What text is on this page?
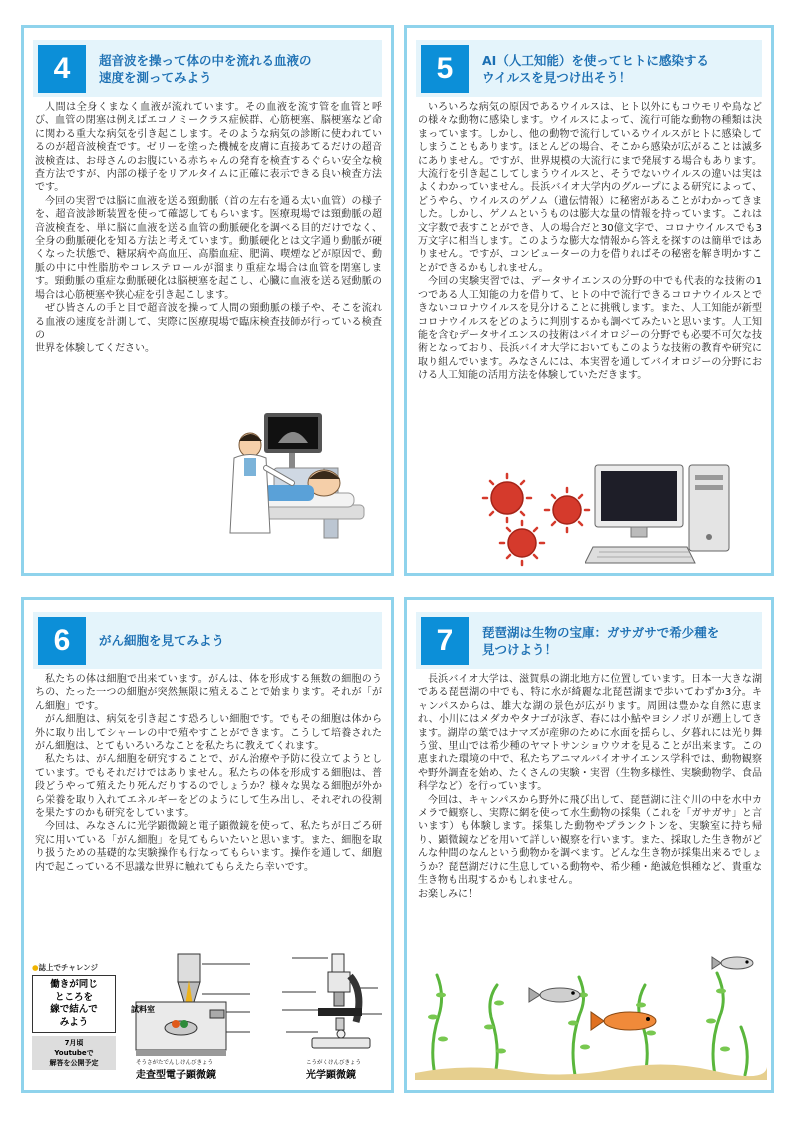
4	超音波を操って体の中を流れる血液の
速度を測ってみよう

人間は全身くまなく血液が流れています。その血液を流す管を血管と呼び、血管の閉塞は例えばエコノミークラス症候群、心筋梗塞、脳梗塞など命に関わる重大な病気を引き起こします。そのような病気の診断に使われているのが超音波検査です。ゼリーを塗った機械を皮膚に直接あてるだけの超音波検査は、お母さんのお腹にいる赤ちゃんの発育を検査するぐらい安全な検査方法ですが、内部の様子をリアルタイムに正確に表示できる良い検査方法です。

今回の実習では脳に血液を送る頸動脈（首の左右を通る太い血管）の様子を、超音波診断装置を使って確認してもらいます。医療現場では頸動脈の超音波検査を、単に脳に血液を送る血管の動脈硬化を調べる目的だけでなく、全身の動脈硬化を知る方法と考えています。動脈硬化とは文字通り動脈が硬くなった状態で、糖尿病や高血圧、高脂血症、肥満、喫煙などが原因で、動脈の中に中性脂肪やコレステロールが溜まり重症な場合は血管を閉塞します。頸動脈の重症な動脈硬化は脳梗塞を起こし、心臓に血液を送る冠動脈の場合は心筋梗塞や狭心症を引き起こします。

ぜひ皆さんの手と目で超音波を操って人間の頸動脈の様子や、そこを流れる血液の速度を計測して、実際に医療現場で臨床検査技師が行っている検査の

世界を体験してください。

5	AI（人工知能）を使ってヒトに感染する
ウイルスを見つけ出そう！

いろいろな病気の原因であるウイルスは、ヒト以外にもコウモリや鳥などの様々な動物に感染します。ウイルスによって、流行可能な動物の種類は決まっています。しかし、他の動物で流行しているウイルスがヒトに感染してしまうこともあります。ほとんどの場合、そこから感染が広がることは滅多にありません。ですが、世界規模の大流行にまで発展する場合もあります。大流行を引き起こしてしまうウイルスと、そうでないウイルスの違いは実はよくわかっていません。長浜バイオ大学内のグループによる研究によって、どうやら、ウイルスのゲノム（遺伝情報）に秘密があることがわかってきました。しかし、ゲノムというものは膨大な量の情報を持っています。これは文字数で表すことができ、人の場合だと30億文字で、コロナウイルスでも3万文字に相当します。このような膨大な情報から答えを探すのは簡単ではありません。ですが、コンピューターの力を借りればその秘密を解き明かすことができるかもしれません。

今回の実験実習では、データサイエンスの分野の中でも代表的な技術の1つである人工知能の力を借りて、ヒトの中で流行できるコロナウイルスとできないコロナウイルスを見分けることに挑戦します。また、人工知能が新型コロナウイルスをどのように判別するかも調べてみたいと思います。人工知能を含むデータサイエンスの技術はバイオロジーの分野でも必要不可欠な技術となっており、長浜バイオ大学においてもこのような技術の教育や研究に取り組んでいます。みなさんには、本実習を通してバイオロジーの分野における人工知能の活用方法を体験していただきます。

6	がん細胞を見てみよう

私たちの体は細胞で出来ています。がんは、体を形成する無数の細胞のうちの、たった一つの細胞が突然無限に殖えることで始まります。それが「がん細胞」です。

がん細胞は、病気を引き起こす恐ろしい細胞です。でもその細胞は体から外に取り出してシャーレの中で殖やすことができます。こうして培養されたがん細胞は、とてもいろいろなことを私たちに教えてくれます。

私たちは、がん細胞を研究することで、がん治療や予防に役立てようとしています。でもそれだけではありません。私たちの体を形成する細胞は、普段どうやって殖えたり死んだりするのでしょうか？様々な異なる細胞が外から栄養を取り入れてエネルギーをどのようにして生み出し、それぞれの役割を果たすのかも研究をしています。

今回は、みなさんに光学顕微鏡と電子顕微鏡を使って、私たちが日ごろ研究に用いている「がん細胞」を見てもらいたいと思います。また、細胞を取り扱うための基礎的な実験操作も行なってもらいます。操作を通して、細胞内で起こっている不思議な世界に触れてもらえたら幸いです。

●誌上でチャレンジ
働きが同じ
ところを
線で結んで
みよう
7月頃
Youtubeで
解答を公開予定
試料室
そうさがたでんしけんびきょう
走査型電子顕微鏡
こうがくけんびきょう
光学顕微鏡
7	琵琶湖は生物の宝庫：ガサガサで希少種を
見つけよう！

長浜バイオ大学は、滋賀県の湖北地方に位置しています。日本一大きな湖である琵琶湖の中でも、特に水が綺麗な北琵琶湖まで歩いてわずか3分。キャンパスからは、雄大な湖の景色が広がります。周囲は豊かな自然に恵まれ、小川にはメダカやタナゴが泳ぎ、春には小鮎やヨシノボリが遡上してきます。湖岸の葉ではナマズが産卵のために水面を揺らし、夕暮れには光り舞う蛍、里山では希少種のヤマトサンショウウオを見ることが出来ます。この恵まれた環境の中で、私たちアニマルバイオサイエンス学科では、動物観察や野外調査を始め、たくさんの実験・実習（生物多様性、実験動物学、食品科学など）を行っています。

今回は、キャンパスから野外に飛び出して、琵琶湖に注ぐ川の中を水中カメラで観察し、実際に網を使って水生動物の採集（これを「ガサガサ」と言います）も体験します。採集した動物やプランクトンを、実験室に持ち帰り、顕微鏡などを用いて詳しい観察を行います。また、採取した生き物がどんな仲間のなんという動物かを調べます。どんな生き物が採集出来るでしょうか？琵琶湖だけに生息している動物や、希少種・絶滅危惧種など、貴重な生き物も出現するかもしれません。

お楽しみに！
